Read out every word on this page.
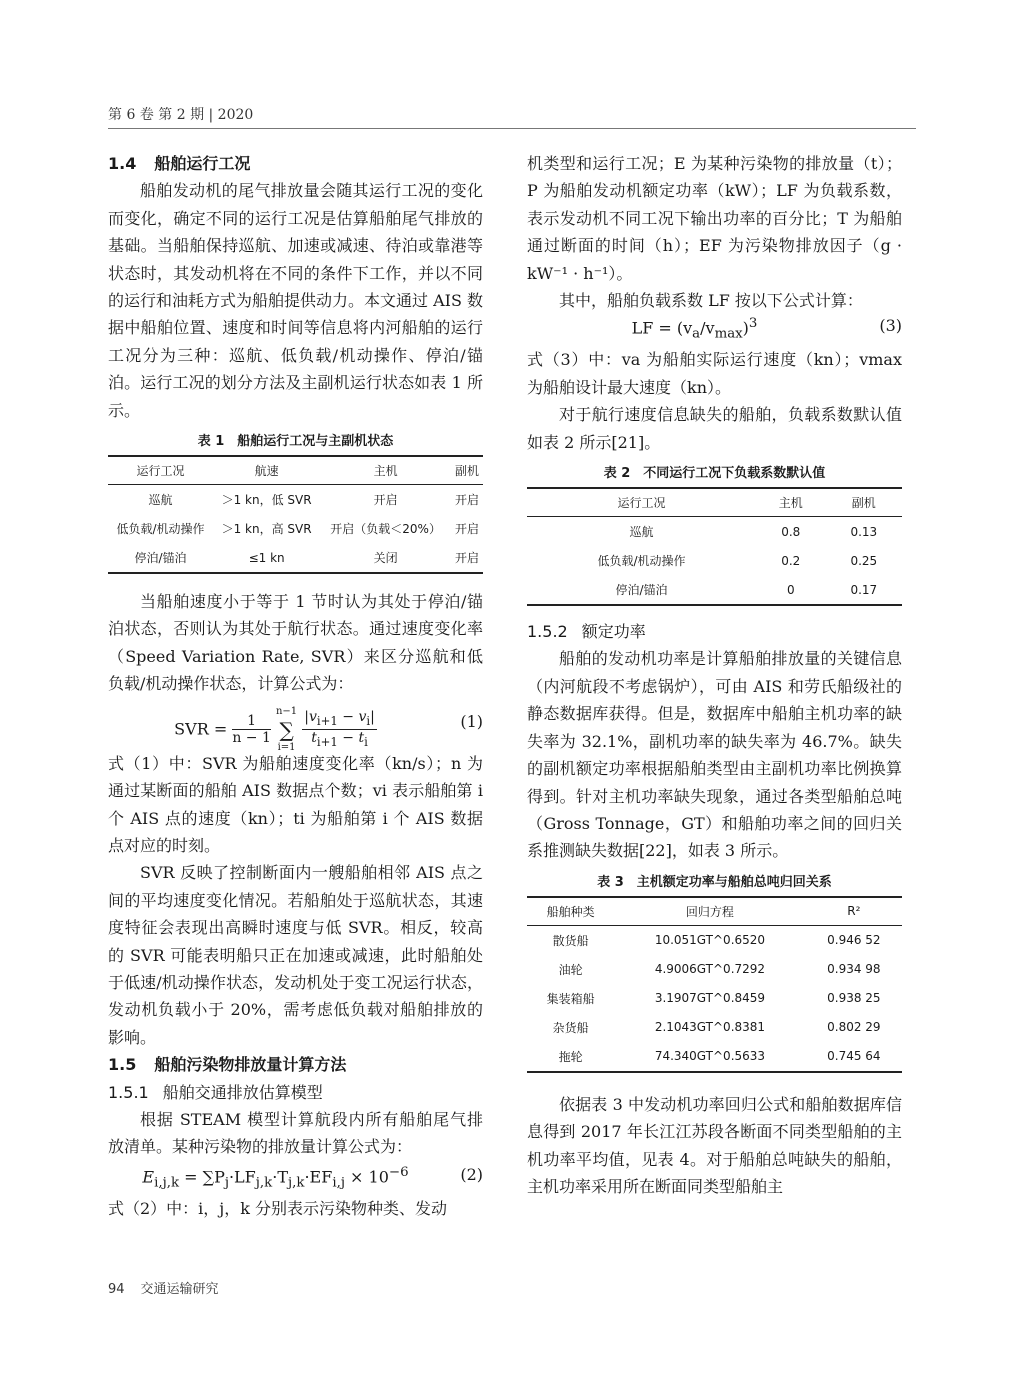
第 6 卷 第 2 期 | 2020
1.4 船舶运行工况

船舶发动机的尾气排放量会随其运行工况的变化而变化，确定不同的运行工况是估算船舶尾气排放的基础。当船舶保持巡航、加速或减速、待泊或靠港等状态时，其发动机将在不同的条件下工作，并以不同的运行和油耗方式为船舶提供动力。本文通过 AIS 数据中船舶位置、速度和时间等信息将内河船舶的运行工况分为三种：巡航、低负载/机动操作、停泊/锚泊。运行工况的划分方法及主副机运行状态如表 1 所示。

表 1　船舶运行工况与主副机状态
运行工况	航速	主机	副机
巡航	＞1 kn，低 SVR	开启	开启
低负载/机动操作	＞1 kn，高 SVR	开启（负载＜20%）	开启
停泊/锚泊	≤1 kn	关闭	开启

当船舶速度小于等于 1 节时认为其处于停泊/锚泊状态，否则认为其处于航行状态。通过速度变化率（Speed Variation Rate, SVR）来区分巡航和低负载/机动操作状态，计算公式为：

SVR = $\frac{1}{n - 1}$

n−1
∑
i=1
$\frac{|v_{i+1} - v_i|}{t_{i+1} - t_i}$	(1)

式（1）中：SVR 为船舶速度变化率（kn/s）；n 为通过某断面的船舶 AIS 数据点个数；vi 表示船舶第 i 个 AIS 点的速度（kn）；ti 为船舶第 i 个 AIS 数据点对应的时刻。

SVR 反映了控制断面内一艘船舶相邻 AIS 点之间的平均速度变化情况。若船舶处于巡航状态，其速度特征会表现出高瞬时速度与低 SVR。相反，较高的 SVR 可能表明船只正在加速或减速，此时船舶处于低速/机动操作状态，发动机处于变工况运行状态，发动机负载小于 20%，需考虑低负载对船舶排放的影响。

1.5 船舶污染物排放量计算方法
1.5.1 船舶交通排放估算模型

根据 STEAM 模型计算航段内所有船舶尾气排放清单。某种污染物的排放量计算公式为：

$E_{i,j,k} = \sum P_j\cdot LF_{j,k}\cdot T_{j,k}\cdot EF_{i,j} \times 10^{-6}$	(2)

式（2）中：i，j，k 分别表示污染物种类、发动

机类型和运行工况；E 为某种污染物的排放量（t）；P 为船舶发动机额定功率（kW）；LF 为负载系数，表示发动机不同工况下输出功率的百分比；T 为船舶通过断面的时间（h）；EF 为污染物排放因子（g · kW⁻¹ · h⁻¹）。

其中，船舶负载系数 LF 按以下公式计算：

LF = $(v_a/v_{max})^3$	(3)

式（3）中：va 为船舶实际运行速度（kn）；vmax 为船舶设计最大速度（kn）。

对于航行速度信息缺失的船舶，负载系数默认值如表 2 所示[21]。

表 2　不同运行工况下负载系数默认值
运行工况	主机	副机
巡航	0.8	0.13
低负载/机动操作	0.2	0.25
停泊/锚泊	0	0.17
1.5.2 额定功率

船舶的发动机功率是计算船舶排放量的关键信息（内河航段不考虑锅炉），可由 AIS 和劳氏船级社的静态数据库获得。但是，数据库中船舶主机功率的缺失率为 32.1%，副机功率的缺失率为 46.7%。缺失的副机额定功率根据船舶类型由主副机功率比例换算得到。针对主机功率缺失现象，通过各类型船舶总吨（Gross Tonnage，GT）和船舶功率之间的回归关系推测缺失数据[22]，如表 3 所示。

表 3　主机额定功率与船舶总吨归回关系
船舶种类	回归方程	R²
散货船	10.051GT^0.6520	0.946 52
油轮	4.9006GT^0.7292	0.934 98
集装箱船	3.1907GT^0.8459	0.938 25
杂货船	2.1043GT^0.8381	0.802 29
拖轮	74.340GT^0.5633	0.745 64

依据表 3 中发动机功率回归公式和船舶数据库信息得到 2017 年长江江苏段各断面不同类型船舶的主机功率平均值，见表 4。对于船舶总吨缺失的船舶，主机功率采用所在断面同类型船舶主

94 交通运输研究
